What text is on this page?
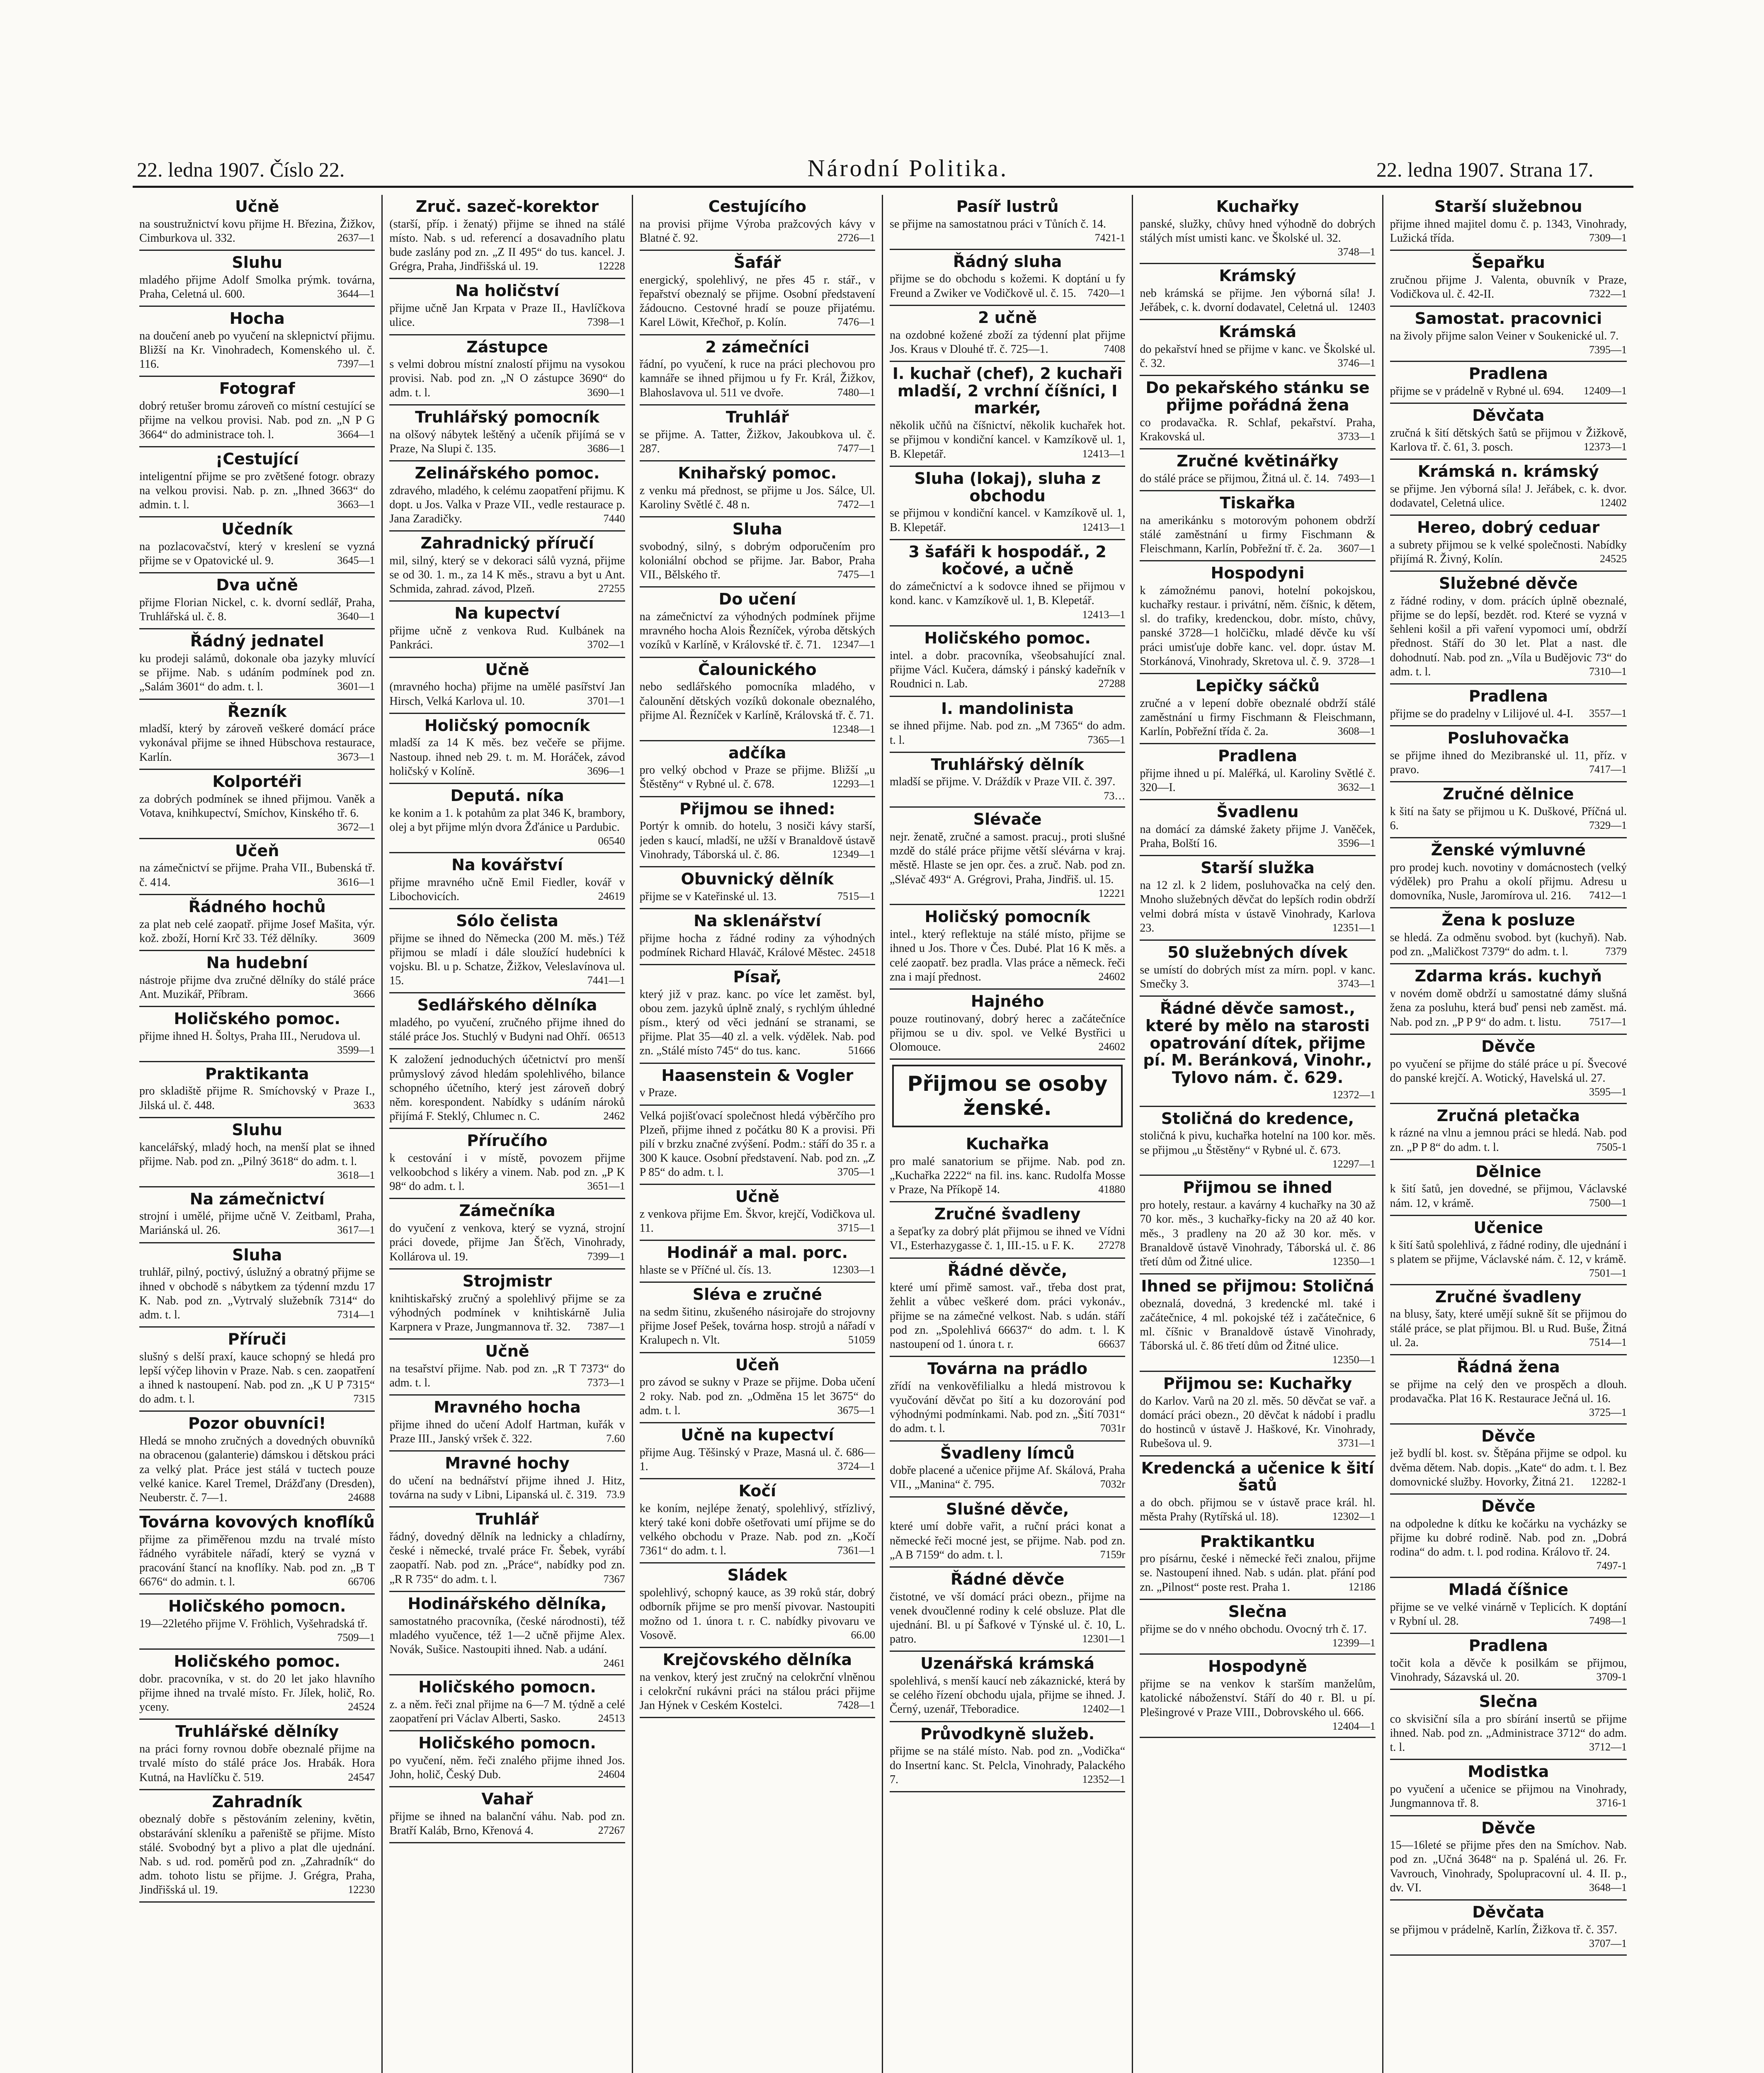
22. ledna 1907. Číslo 22.	Národní Politika.	22. ledna 1907. Strana 17.
Učně
na soustružnictví kovu přijme H. Březina, Žižkov, Cimburkova ul. 332.	2637—1
Sluhu
mladého přijme Adolf Smolka prýmk. továrna, Praha, Celetná ul. 600.	3644—1
Hocha
na doučení aneb po vyučení na sklepnictví přijmu. Bližší na Kr. Vinohradech, Komenského ul. č. 116.	7397—1
Fotograf
dobrý retušer bromu zároveň co místní cestující se přijme na velkou provisi. Nab. pod zn. „N P G 3664“ do administrace toh. l.	3664—1
¡Cestující
inteligentní přijme se pro zvětšené fotogr. obrazy na velkou provisi. Nab. p. zn. „Ihned 3663“ do admin. t. l.	3663—1
Učedník
na pozlacovačství, který v kreslení se vyzná přijme se v Opatovické ul. 9.	3645—1
Dva učně
přijme Florian Nickel, c. k. dvorní sedlář, Praha, Truhlářská ul. č. 8.	3640—1
Řádný jednatel
ku prodeji salámů, dokonale oba jazyky mluvící se přijme. Nab. s udáním podmínek pod zn. „Salám 3601“ do adm. t. l.	3601—1
Řezník
mladší, který by zároveň veškeré domácí práce vykonával přijme se ihned Hübschova restaurace, Karlín.	3673—1
Kolportéři
za dobrých podmínek se ihned přijmou. Vaněk a Votava, knihkupectví, Smíchov, Kinského tř. 6.
3672—1
Učeň
na zámečnictví se přijme. Praha VII., Bubenská tř. č. 414.	3616—1
Řádného hochů
za plat neb celé zaopatř. přijme Josef Mašita, výr. kož. zboží, Horní Krč 33. Též dělníky.	3609
Na hudební
nástroje přijme dva zručné dělníky do stálé práce Ant. Muzikář, Příbram.	3666
Holičského pomoc.
přijme ihned H. Šoltys, Praha III., Nerudova ul.
3599—1
Praktikanta
pro skladiště přijme R. Smíchovský v Praze I., Jilská ul. č. 448.	3633
Sluhu
kancelářský, mladý hoch, na menší plat se ihned přijme. Nab. pod zn. „Pilný 3618“ do adm. t. l.
3618—1
Na zámečnictví
strojní i umělé, přijme učně V. Zeitbaml, Praha, Mariánská ul. 26.	3617—1
Sluha
truhlář, pilný, poctivý, úslužný a obratný přijme se ihned v obchodě s nábytkem za týdenní mzdu 17 K. Nab. pod zn. „Vytrvalý služebník 7314“ do adm. t. l.	7314—1
Příruči
slušný s delší praxí, kauce schopný se hledá pro lepší výčep lihovin v Praze. Nab. s cen. zaopatření a ihned k nastoupení. Nab. pod zn. „K U P 7315“ do adm. t. l.	7315
Pozor obuvníci!
Hledá se mnoho zručných a dovedných obuvníků na obracenou (galanterie) dámskou i dětskou práci za velký plat. Práce jest stálá v tuctech pouze velké kanice. Karel Tremel, Drážďany (Dresden), Neuberstr. č. 7—1.	24688
Továrna kovových knoflíků
přijme za přiměřenou mzdu na trvalé místo řádného vyrábitele nářadí, který se vyzná v pracování štancí na knoflíky. Nab. pod zn. „B T 6676“ do admin. t. l.	66706
Holičského pomocn.
19—22letého přijme V. Fröhlich, Vyšehradská tř.
7509—1
Holičského pomoc.
dobr. pracovníka, v st. do 20 let jako hlavního přijme ihned na trvalé místo. Fr. Jílek, holič, Ro. yceny.	24524
Truhlářské dělníky
na práci forny rovnou dobře obeznalé přijme na trvalé místo do stálé práce Jos. Hrabák. Hora Kutná, na Havlíčku č. 519.	24547
Zahradník
obeznalý dobře s pěstováním zeleniny, květin, obstarávání skleníku a pařeniště se přijme. Místo stálé. Svobodný byt a plivo a plat dle ujednání. Nab. s ud. rod. poměrů pod zn. „Zahradník“ do adm. tohoto listu se přijme. J. Grégra, Praha, Jindřišská ul. 19.	12230
Zruč. sazeč-korektor
(starší, příp. i ženatý) přijme se ihned na stálé místo. Nab. s ud. referencí a dosavadního platu bude zaslány pod zn. „Z II 495“ do tus. kancel. J. Grégra, Praha, Jindřišská ul. 19.	12228
Na holičství
přijme učně Jan Krpata v Praze II., Havlíčkova ulice.	7398—1
Zástupce
s velmi dobrou místní znalostí přijmu na vysokou provisi. Nab. pod zn. „N O zástupce 3690“ do adm. t. l.	3690—1
Truhlářský pomocník
na olšový nábytek leštěný a učeník přijímá se v Praze, Na Slupi č. 135.	3686—1
Zelinářského pomoc.
zdravého, mladého, k celému zaopatření přijmu. K dopt. u Jos. Valka v Praze VII., vedle restaurace p. Jana Zaradičky.	7440
Zahradnický příručí
mil, silný, který se v dekoraci sálů vyzná, přijme se od 30. 1. m., za 14 K měs., stravu a byt u Ant. Schmida, zahrad. závod, Plzeň.	27255
Na kupectví
přijme učně z venkova Rud. Kulbánek na Pankráci.	3702—1
Učně
(mravného hocha) přijme na umělé pasířství Jan Hirsch, Velká Karlova ul. 10.	3701—1
Holičský pomocník
mladší za 14 K měs. bez večeře se přijme. Nastoup. ihned neb 29. t. m. M. Horáček, závod holičský v Kolíně.	3696—1
Deputá. níka
ke konim a 1. k potahům za plat 346 K, brambory, olej a byt přijme mlýn dvora Žďánice u Pardubic.
06540
Na kovářství
přijme mravného učně Emil Fiedler, kovář v Libochovicích.	24619
Sólo čelista
přijme se ihned do Německa (200 M. měs.) Též přijmou se mladí i dále sloužící hudebníci k vojsku. Bl. u p. Schatze, Žižkov, Veleslavínova ul. 15.	7441—1
Sedlářského dělníka
mladého, po vyučení, zručného přijme ihned do stálé práce Jos. Stuchlý v Budyni nad Ohří. 06513
K založení jednoduchých účetnictví pro menší průmyslový závod hledám spolehlivého, bilance schopného účetního, který jest zároveň dobrý něm. korespondent. Nabídky s udáním nároků přijímá F. Steklý, Chlumec n. C.	2462
Příručího
k cestování i v místě, povozem přijme velkoobchod s likéry a vinem. Nab. pod zn. „P K 98“ do adm. t. l.	3651—1
Zámečníka
do vyučení z venkova, který se vyzná, strojní práci dovede, přijme Jan Šťěch, Vinohrady, Kollárova ul. 19.	7399—1
Strojmistr
knihtiskařský zručný a spolehlivý přijme se za výhodných podmínek v knihtiskárně Julia Karpnera v Praze, Jungmannova tř. 32. 7387—1
Učně
na tesařství přijme. Nab. pod zn. „R T 7373“ do adm. t. l.	7373—1
Mravného hocha
přijme ihned do učení Adolf Hartman, kuřák v Praze III., Janský vršek č. 322.	7.60
Mravné hochy
do učení na bednářství přijme ihned J. Hitz, továrna na sudy v Libni, Lipanská ul. č. 319. 73.9
Truhlář
řádný, dovedný dělník na lednicky a chladírny, české i německé, trvalé práce Fr. Šebek, vyrábí zaopatří. Nab. pod zn. „Práce“, nabídky pod zn. „R R 735“ do adm. t. l.	7367
Hodinářského dělníka,
samostatného pracovníka, (české národnosti), též mladého vyučence, též 1—2 učně přijme Alex. Novák, Sušice. Nastoupiti ihned. Nab. a udání.
2461
Holičského pomocn.
z. a něm. řeči znal přijme na 6—7 M. týdně a celé zaopatření pri Václav Alberti, Sasko.	24513
Holičského pomocn.
po vyučení, něm. řeči znalého přijme ihned Jos. John, holič, Český Dub.	24604
Vahař
přijme se ihned na balanční váhu. Nab. pod zn. Bratří Kaláb, Brno, Křenová 4.	27267
Cestujícího
na provisi přijme Výroba pražcových kávy v Blatné č. 92.	2726—1
Šafář
energický, spolehlivý, ne přes 45 r. stář., v řepařství obeznalý se přijme. Osobní představení žádoucno. Cestovné hradí se pouze přijatému. Karel Löwit, Křečhoř, p. Kolín.	7476—1
2 zámečníci
řádní, po vyučení, k ruce na práci plechovou pro kamnáře se ihned přijmou u fy Fr. Král, Žižkov, Blahoslavova ul. 511 ve dvoře.	7480—1
Truhlář
se přijme. A. Tatter, Žižkov, Jakoubkova ul. č. 287.	7477—1
Knihařský pomoc.
z venku má přednost, se přijme u Jos. Sálce, Ul. Karoliny Světlé č. 48 n.	7472—1
Sluha
svobodný, silný, s dobrým odporučením pro koloniální obchod se přijme. Jar. Babor, Praha VII., Bělského tř.	7475—1
Do učení
na zámečnictví za výhodných podmínek přijme mravného hocha Alois Řezníček, výroba dětských vozíků v Karlíně, v Královské tř. č. 71. 12347—1
Čalounického
nebo sedlářského pomocníka mladého, v čalounění dětských vozíků dokonale obeznalého, přijme Al. Řezníček v Karlíně, Královská tř. č. 71.
12348—1
adčíka
pro velký obchod v Praze se přijme. Bližší „u Štěstěny“ v Rybné ul. č. 678.	12293—1
Přijmou se ihned:
Portýr k omnib. do hotelu, 3 nosiči kávy starší, jeden s kaucí, mladší, ne užší v Branaldově ústavě Vinohrady, Táborská ul. č. 86.	12349—1
Obuvnický dělník
přijme se v Kateřinské ul. 13.	7515—1
Na sklenářství
přijme hocha z řádné rodiny za výhodných podmínek Richard Hlaváč, Králové Městec. 24518
Písař,
který již v praz. kanc. po více let zaměst. byl, obou zem. jazyků úplně znalý, s rychlým úhledné písm., který od věci jednání se stranami, se přijme. Plat 35—40 zl. a velk. výdělek. Nab. pod zn. „Stálé místo 745“ do tus. kanc.	51666
Haasenstein & Vogler
v Praze.
Velká pojišťovací společnost hledá výběrčího pro Plzeň, přijme ihned z počátku 80 K a provisi. Při pilí v brzku značné zvýšení. Podm.: stáří do 35 r. a 300 K kauce. Osobní představení. Nab. pod zn. „Z P 85“ do adm. t. l.	3705—1
Učně
z venkova přijme Em. Škvor, krejčí, Vodičkova ul. 11.	3715—1
Hodinář a mal. porc.
hlaste se v Příčné ul. čís. 13.	12303—1
Sléva e zručné
na sedm šitinu, zkušeného násirojaře do strojovny přijme Josef Pešek, továrna hosp. strojů a nářadí v Kralupech n. Vlt.	51059
Učeň
pro závod se sukny v Praze se přijme. Doba učení 2 roky. Nab. pod zn. „Odměna 15 let 3675“ do adm. t. l.	3675—1
Učně na kupectví
přijme Aug. Těšinský v Praze, Masná ul. č. 686—1.	3724—1
Kočí
ke koním, nejlépe ženatý, spolehlivý, střízlivý, který také koni dobře ošetřovati umí přijme se do velkého obchodu v Praze. Nab. pod zn. „Kočí 7361“ do adm. t. l.	7361—1
Sládek
spolehlivý, schopný kauce, as 39 roků stár, dobrý odborník přijme se pro menší pivovar. Nastoupiti možno od 1. února t. r. C. nabídky pivovaru ve Vosově.	66.00
Krejčovského dělníka
na venkov, který jest zručný na celokrční vlněnou i celokrční rukávni práci na stálou práci přijme Jan Hýnek v Ceském Kostelci.	7428—1
Pasíř lustrů
se přijme na samostatnou práci v Tůních č. 14.
7421-1
Řádný sluha
přijme se do obchodu s kožemi. K doptání u fy Freund a Zwiker ve Vodičkově ul. č. 15. 7420—1
2 učně
na ozdobné kožené zboží za týdenní plat přijme Jos. Kraus v Dlouhé tř. č. 725—1.	7408
I. kuchař (chef), 2 kuchaři mladší, 2 vrchní číšníci, I markér,
několik učňů na číšnictví, několik kuchařek hot. se přijmou v kondiční kancel. v Kamzíkově ul. 1, B. Klepetář.	12413—1
Sluha (lokaj), sluha z obchodu
se přijmou v kondiční kancel. v Kamzíkově ul. 1, B. Klepetář.	12413—1
3 šafáři k hospodář., 2 kočové, a učně
do zámečnictví a k sodovce ihned se přijmou v kond. kanc. v Kamzíkově ul. 1, B. Klepetář.
12413—1
Holičského pomoc.
intel. a dobr. pracovníka, všeobsahující znal. přijme Václ. Kučera, dámský i pánský kadeřník v Roudnici n. Lab.	27288
I. mandolinista
se ihned přijme. Nab. pod zn. „M 7365“ do adm. t. l.	7365—1
Truhlářský dělník
mladší se přijme. V. Dráždík v Praze VII. č. 397.
73…
Slévače
nejr. ženatě, zručné a samost. pracuj., proti slušné mzdě do stálé práce přijme větší slévárna v kraj. městě. Hlaste se jen opr. čes. a zruč. Nab. pod zn. „Slévač 493“ A. Grégrovi, Praha, Jindřiš. ul. 15.
12221
Holičský pomocník
intel., který reflektuje na stálé místo, přijme se ihned u Jos. Thore v Čes. Dubé. Plat 16 K měs. a celé zaopatř. bez pradla. Vlas práce a německ. řeči zna i mají přednost.	24602
Hajného
pouze routinovaný, dobrý herec a začátečníce přijmou se u div. spol. ve Velké Bystřici u Olomouce.	24602
Přijmou se osoby ženské.
Kuchařka
pro malé sanatorium se přijme. Nab. pod zn. „Kuchařka 2222“ na fil. ins. kanc. Rudolfa Mosse v Praze, Na Příkopě 14.	41880
Zručné švadleny
a šepaťky za dobrý plát přijmou se ihned ve Vídni VI., Esterhazygasse č. 1, III.-15. u F. K. 27278
Řádné děvče,
které umí přimě samost. vař., třeba dost prat, žehlit a vůbec veškeré dom. práci vykonáv., přijme se na zámečné velkost. Nab. s udán. stáří pod zn. „Spolehlivá 66637“ do adm. t. l. K nastoupení od 1. února t. r.	66637
Továrna na prádlo
zřídí na venkověfilialku a hledá mistrovou k vyučování děvčat po šití a ku dozorování pod výhodnými podmínkami. Nab. pod zn. „Šití 7031“ do adm. t. l.	7031r
Švadleny límců
dobře placené a učenice přijme Af. Skálová, Praha VII., „Manina“ č. 795.	7032r
Slušné děvče,
které umí dobře vařit, a ruční práci konat a německé řeči mocné jest, se přijme. Nab. pod zn. „A B 7159“ do adm. t. l.	7159r
Řádné děvče
čistotné, ve vší domácí práci obezn., přijme na venek dvoučlenné rodiny k celé obsluze. Plat dle ujednání. Bl. u pí Šafkové v Týnské ul. č. 10, L. patro.	12301—1
Uzenářská krámská
spolehlivá, s menší kaucí neb zákaznické, která by se celého řízení obchodu ujala, přijme se ihned. J. Černý, uzenář, Třeboradice.	12402—1
Průvodkyně služeb.
přijme se na stálé místo. Nab. pod zn. „Vodička“ do Insertní kanc. St. Pelcla, Vinohrady, Palackého 7.	12352—1
Kuchařky
panské, služky, chůvy hned výhodně do dobrých stálých míst umisti kanc. ve Školské ul. 32.
3748—1
Krámský
neb krámská se přijme. Jen výborná síla! J. Jeřábek, c. k. dvorní dodavatel, Celetná ul. 12403
Krámská
do pekařství hned se přijme v kanc. ve Školské ul. č. 32.	3746—1
Do pekařského stánku se přijme pořádná žena
co prodavačka. R. Schlaf, pekařství. Praha, Krakovská ul.	3733—1
Zručné květinářky
do stálé práce se přijmou, Žitná ul. č. 14. 7493—1
Tiskařka
na amerikánku s motorovým pohonem obdrží stálé zaměstnání u firmy Fischmann & Fleischmann, Karlín, Pobřežní tř. č. 2a. 3607—1
Hospodyni
k zámožnému panovi, hotelní pokojskou, kuchařky restaur. i privátní, něm. číšnic, k dětem, sl. do trafiky, kredenckou, dobr. místo, chůvy, panské 3728—1 holčičku, mladé děvče ku vší práci umisťuje dobře kanc. vel. dopr. ústav M. Storkánová, Vinohrady, Skretova ul. č. 9. 3728—1
Lepičky sáčků
zručné a v lepení dobře obeznalé obdrží stálé zaměstnání u firmy Fischmann & Fleischmann, Karlín, Pobřežní třída č. 2a.	3608—1
Pradlena
přijme ihned u pí. Maléřká, ul. Karoliny Světlé č. 320—I.	3632—1
Švadlenu
na domácí za dámské žakety přijme J. Vaněček, Praha, Bolští 16.	3596—1
Starší služka
na 12 zl. k 2 lidem, posluhovačka na celý den. Mnoho služebných děvčat do lepších rodin obdrží velmi dobrá místa v ústavě Vinohrady, Karlova 23.	12351—1
50 služebných dívek
se umístí do dobrých míst za mírn. popl. v kanc. Smečky 3.	3743—1
Řádné děvče samost., které by mělo na starosti opatrování dítek, přijme pí. M. Beránková, Vinohr., Tylovo nám. č. 629.
12372—1
Stoličná do kredence,
stoličná k pivu, kuchařka hotelní na 100 kor. měs. se přijmou „u Štěstěny“ v Rybné ul. č. 673.
12297—1
Přijmou se ihned
pro hotely, restaur. a kavárny 4 kuchařky na 30 až 70 kor. měs., 3 kuchařky-ficky na 20 až 40 kor. měs., 3 pradleny na 20 až 30 kor. měs. v Branaldově ústavě Vinohrady, Táborská ul. č. 86 třetí dům od Žitné ulice.	12350—1
Ihned se přijmou: Stoličná
obeznalá, dovedná, 3 kredencké ml. také i začátečnice, 4 ml. pokojské též i začátečnice, 6 ml. číšnic v Branaldově ústavě Vinohrady, Táborská ul. č. 86 třetí dům od Žitné ulice.
12350—1
Přijmou se: Kuchařky
do Karlov. Varů na 20 zl. měs. 50 děvčat se vař. a domácí práci obezn., 20 děvčat k nádobí i pradlu do hostinců v ústavě J. Haškové, Kr. Vinohrady, Rubešova ul. 9.	3731—1
Kredencká a učenice k šití šatů
a do obch. přijmou se v ústavě prace král. hl. města Prahy (Rytířská ul. 18).	12302—1
Praktikantku
pro písárnu, české i německé řeči znalou, přijme se. Nastoupení ihned. Nab. s udán. plat. přání pod zn. „Pilnost“ poste rest. Praha 1.	12186
Slečna
přijme se do v nného obchodu. Ovocný trh č. 17.
12399—1
Hospodyně
přijme se na venkov k starším manželům, katolické náboženství. Stáří do 40 r. Bl. u pí. Plešingrové v Praze VIII., Dobrovského ul. 666.
12404—1
Starší služebnou
přijme ihned majitel domu č. p. 1343, Vinohrady, Lužická třída.	7309—1
Šepařku
zručnou přijme J. Valenta, obuvník v Praze, Vodičkova ul. č. 42-II.	7322—1
Samostat. pracovnici
na živoly přijme salon Veiner v Soukenické ul. 7.
7395—1
Pradlena
přijme se v prádelně v Rybné ul. 694. 12409—1
Děvčata
zručná k šití dětských šatů se přijmou v Žižkově, Karlova tř. č. 61, 3. posch.	12373—1
Krámská n. krámský
se přijme. Jen výborná síla! J. Jeřábek, c. k. dvor. dodavatel, Celetná ulice.	12402
Hereo, dobrý ceduar
a subrety přijmou se k velké společnosti. Nabídky přijímá R. Živný, Kolín.	24525
Služebné děvče
z řádné rodiny, v dom. prácích úplně obeznalé, přijme se do lepší, bezdět. rod. Které se vyzná v šehleni košil a při vaření vypomoci umí, obdrží přednost. Stáří do 30 let. Plat a nast. dle dohodnutí. Nab. pod zn. „Víla u Budějovic 73“ do adm. t. l.	7310—1
Pradlena
přijme se do pradelny v Lilijové ul. 4-I. 3557—1
Posluhovačka
se přijme ihned do Mezibranské ul. 11, příz. v pravo.	7417—1
Zručné dělnice
k šití na šaty se přijmou u K. Duškové, Příčná ul. 6.	7329—1
Ženské výmluvné
pro prodej kuch. novotiny v domácnostech (velký výdělek) pro Prahu a okolí přijmu. Adresu u domovníka, Nusle, Jaromírova ul. 216. 7412—1
Žena k posluze
se hledá. Za odměnu svobod. byt (kuchyň). Nab. pod zn. „Maličkost 7379“ do adm. t. l.	7379
Zdarma krás. kuchyň
v novém domě obdrží u samostatné dámy slušná žena za posluhu, která buď pensi neb zaměst. má. Nab. pod zn. „P P 9“ do adm. t. listu.	7517—1
Děvče
po vyučení se přijme do stálé práce u pí. Švecové do panské krejčí. A. Wotický, Havelská ul. 27.
3595—1
Zručná pletačka
k rázné na vlnu a jemnou práci se hledá. Nab. pod zn. „P P 8“ do adm. t. l.	7505-1
Dělnice
k šití šatů, jen dovedné, se přijmou, Václavské nám. 12, v krámě.	7500—1
Učenice
k šití šatů spolehlivá, z řádné rodiny, dle ujednání i s platem se přijme, Václavské nám. č. 12, v krámě.
7501—1
Zručné švadleny
na blusy, šaty, které umějí sukně šít se přijmou do stálé práce, se plat přijmou. Bl. u Rud. Buše, Žitná ul. 2a.	7514—1
Řádná žena
se přijme na celý den ve prospěch a dlouh. prodavačka. Plat 16 K. Restaurace Ječná ul. 16.
3725—1
Děvče
jež bydlí bl. kost. sv. Štěpána přijme se odpol. ku dvěma dětem. Nab. dopis. „Kate“ do adm. t. l. Bez domovnické služby. Hovorky, Žitná 21. 12282-1
Děvče
na odpoledne k dítku ke kočárku na vycházky se přijme ku dobré rodině. Nab. pod zn. „Dobrá rodina“ do adm. t. l. pod rodina. Královo tř. 24.
7497-1
Mladá číšnice
přijme se ve velké vinárně v Teplicích. K doptání v Rybní ul. 28.	7498—1
Pradlena
točit kola a děvče k posilkám se přijmou, Vinohrady, Sázavská ul. 20.	3709-1
Slečna
co skvisiční síla a pro sbírání insertů se přijme ihned. Nab. pod zn. „Administrace 3712“ do adm. t. l.	3712—1
Modistka
po vyučení a učenice se přijmou na Vinohrady, Jungmannova tř. 8.	3716-1
Děvče
15—16leté se přijme přes den na Smíchov. Nab. pod zn. „Učná 3648“ na p. Spaléná ul. 26. Fr. Vavrouch, Vinohrady, Spolupracovní ul. 4. II. p., dv. VI.	3648—1
Děvčata
se přijmou v prádelně, Karlín, Žižkova tř. č. 357.
3707—1
